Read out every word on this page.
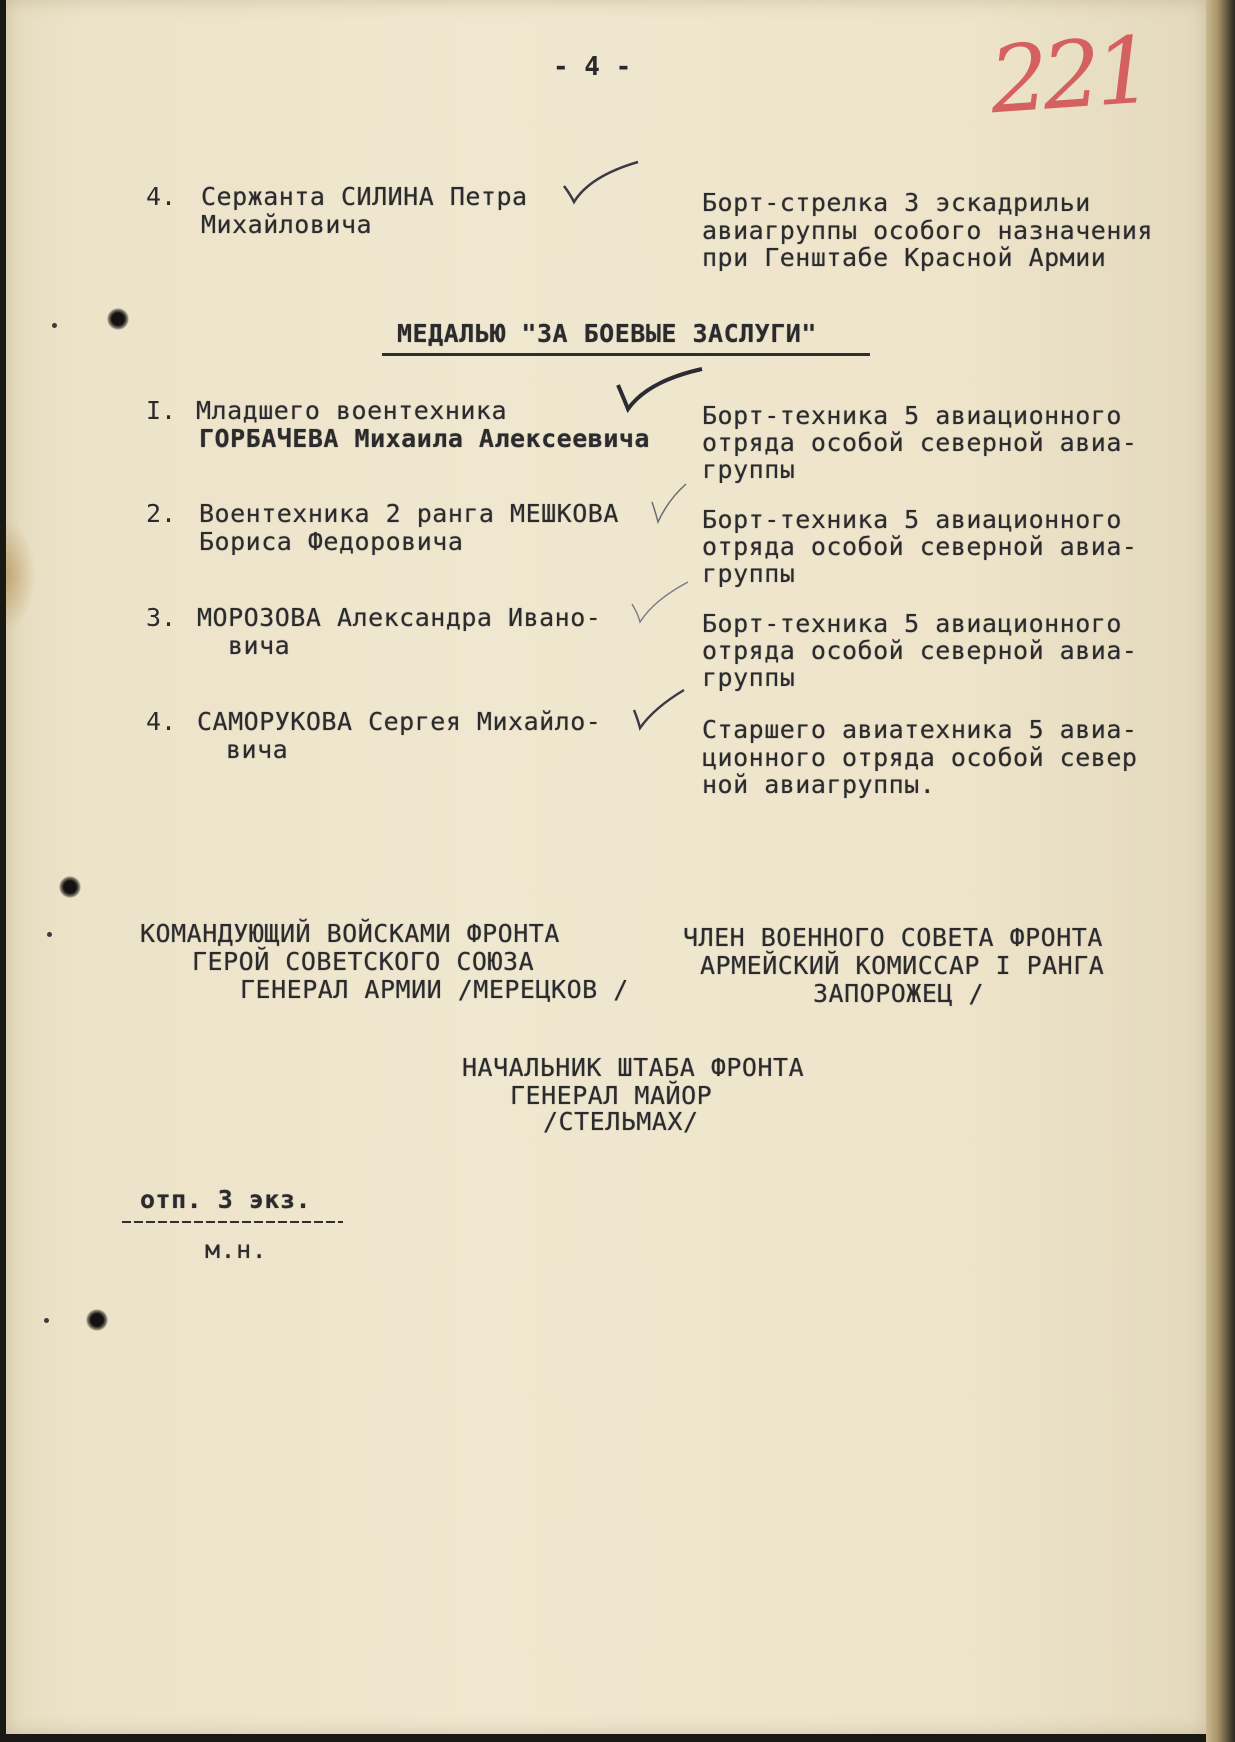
- 4 -	221
4. Сержанта СИЛИНА Петра
Михайловича
Борт-стрелка 3 эскадрильи
авиагруппы особого назначения
при Генштабе Красной Армии
МЕДАЛЬЮ "ЗА БОЕВЫЕ ЗАСЛУГИ"
I. Младшего воентехника
ГОРБАЧЕВА Михаила Алексеевича
Борт-техника 5 авиационного
отряда особой северной авиа-
группы
2. Воентехника 2 ранга МЕШКОВА
Бориса Федоровича
Борт-техника 5 авиационного
отряда особой северной авиа-
группы
3. МОРОЗОВА Александра Ивано-
вича
Борт-техника 5 авиационного
отряда особой северной авиа-
группы
4. САМОРУКОВА Сергея Михайло-
вича
Старшего авиатехника 5 авиа-
ционного отряда особой север
ной авиагруппы.
КОМАНДУЮЩИЙ ВОЙСКАМИ ФРОНТА
ГЕРОЙ СОВЕТСКОГО СОЮЗА
ГЕНЕРАЛ АРМИИ /МЕРЕЦКОВ /
ЧЛЕН ВОЕННОГО СОВЕТА ФРОНТА
АРМЕЙСКИЙ КОМИССАР I РАНГА
ЗАПОРОЖЕЦ /
НАЧАЛЬНИК ШТАБА ФРОНТА
ГЕНЕРАЛ МАЙОР
/СТЕЛЬМАХ/
отп. 3 экз.
м.н.
